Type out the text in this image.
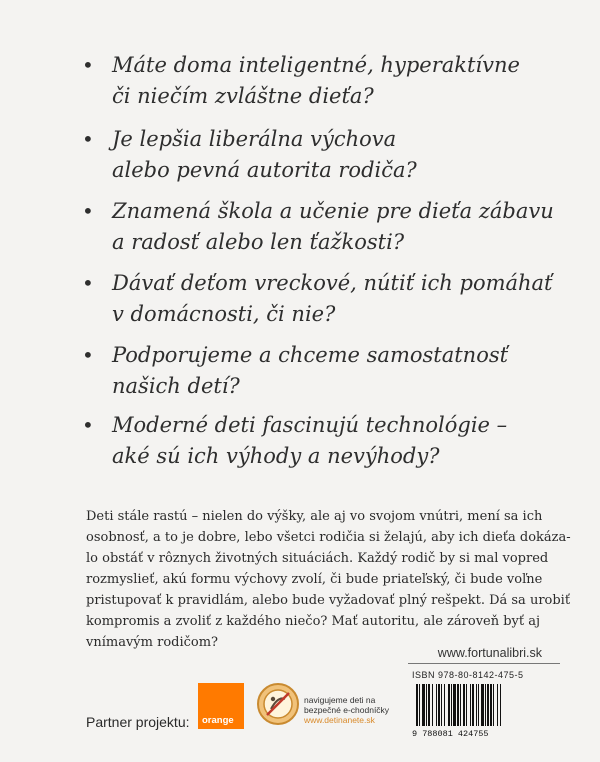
• Máte doma inteligentné, hyperaktívne
či niečím zvláštne dieťa?
• Je lepšia liberálna výchova
alebo pevná autorita rodiča?
• Znamená škola a učenie pre dieťa zábavu
a radosť alebo len ťažkosti?
• Dávať deťom vreckové, nútiť ich pomáhať
v domácnosti, či nie?
• Podporujeme a chceme samostatnosť
našich detí?
• Moderné deti fascinujú technológie –
aké sú ich výhody a nevýhody?
Deti stále rastú – nielen do výšky, ale aj vo svojom vnútri, mení sa ich
osobnosť, a to je dobre, lebo všetci rodičia si želajú, aby ich dieťa dokáza-
lo obstáť v rôznych životných situáciách. Každý rodič by si mal vopred
rozmyslieť, akú formu výchovy zvolí, či bude priateľský, či bude voľne
pristupovať k pravidlám, alebo bude vyžadovať plný rešpekt. Dá sa urobiť
kompromis a zvoliť z každého niečo? Mať autoritu, ale zároveň byť aj
vnímavým rodičom?
www.fortunalibri.sk
ISBN 978-80-8142-475-5
9 788081 424755
Partner projektu: orange
navigujeme deti na
bezpečné e-chodníčky
www.detinanete.sk
